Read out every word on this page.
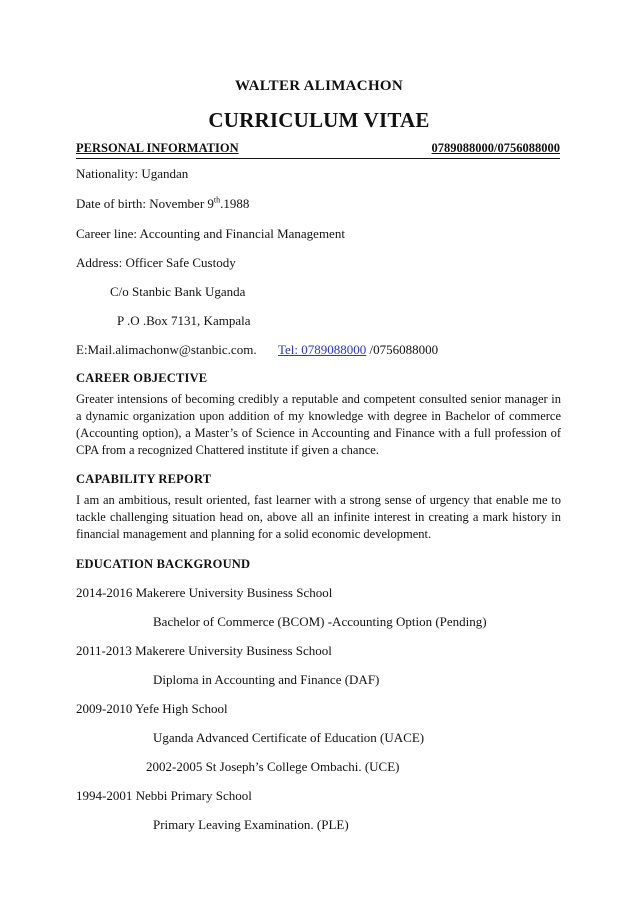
WALTER ALIMACHON
CURRICULUM VITAE
PERSONAL INFORMATION	0789088000/0756088000
Nationality: Ugandan
Date of birth: November 9th.1988
Career line: Accounting and Financial Management
Address: Officer Safe Custody
C/o Stanbic Bank Uganda
P .O .Box 7131, Kampala
E:Mail.alimachonw@stanbic.com. Tel: 0789088000 /0756088000
CAREER OBJECTIVE
Greater intensions of becoming credibly a reputable and competent consulted senior manager in a dynamic organization upon addition of my knowledge with degree in Bachelor of commerce (Accounting option), a Master’s of Science in Accounting and Finance with a full profession of CPA from a recognized Chattered institute if given a chance.
CAPABILITY REPORT
I am an ambitious, result oriented, fast learner with a strong sense of urgency that enable me to tackle challenging situation head on, above all an infinite interest in creating a mark history in financial management and planning for a solid economic development.
EDUCATION BACKGROUND
2014-2016 Makerere University Business School
Bachelor of Commerce (BCOM) -Accounting Option (Pending)
2011-2013 Makerere University Business School
Diploma in Accounting and Finance (DAF)
2009-2010 Yefe High School
Uganda Advanced Certificate of Education (UACE)
2002-2005 St Joseph’s College Ombachi. (UCE)
1994-2001 Nebbi Primary School
Primary Leaving Examination. (PLE)
